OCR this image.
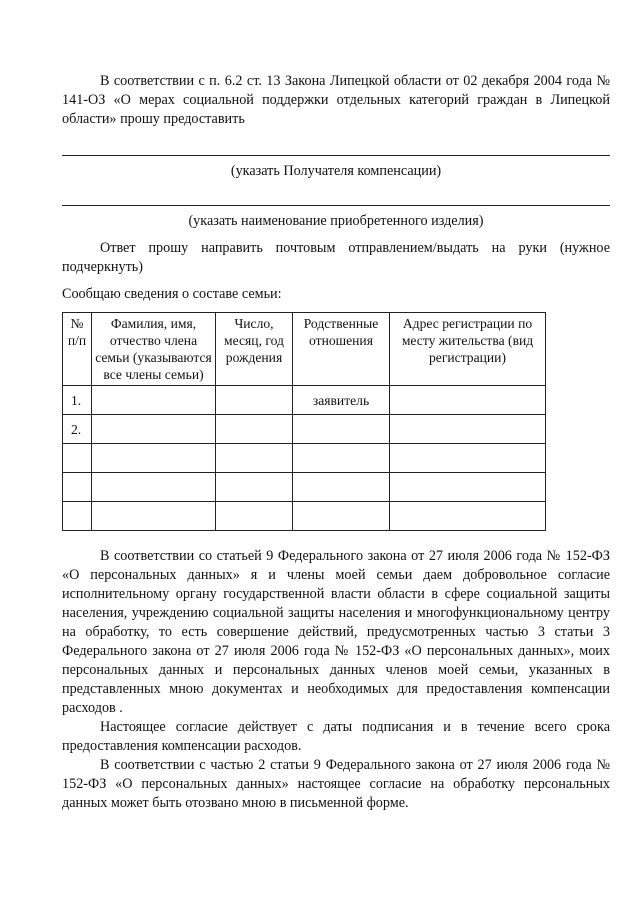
В соответствии с п. 6.2 ст. 13 Закона Липецкой области от 02 декабря 2004 года № 141-ОЗ «О мерах социальной поддержки отдельных категорий граждан в Липецкой области» прошу предоставить

(указать Получателя компенсации)
(указать наименование приобретенного изделия)

Ответ прошу направить почтовым отправлением/выдать на руки (нужное подчеркнуть)

Сообщаю сведения о составе семьи:

№ п/п	Фамилия, имя, отчество члена семьи (указываются все члены семьи)	Число, месяц, год рождения	Родственные отношения	Адрес регистрации по месту жительства (вид регистрации)
1.			заявитель	
2.				

В соответствии со статьей 9 Федерального закона от 27 июля 2006 года № 152-ФЗ «О персональных данных» я и члены моей семьи даем добровольное согласие исполнительному органу государственной власти области в сфере социальной защиты населения, учреждению социальной защиты населения и многофункциональному центру на обработку, то есть совершение действий, предусмотренных частью 3 статьи 3 Федерального закона от 27 июля 2006 года № 152-ФЗ «О персональных данных», моих персональных данных и персональных данных членов моей семьи, указанных в представленных мною документах и необходимых для предоставления компенсации расходов .

Настоящее согласие действует с даты подписания и в течение всего срока предоставления компенсации расходов.

В соответствии с частью 2 статьи 9 Федерального закона от 27 июля 2006 года № 152-ФЗ «О персональных данных» настоящее согласие на обработку персональных данных может быть отозвано мною в письменной форме.
